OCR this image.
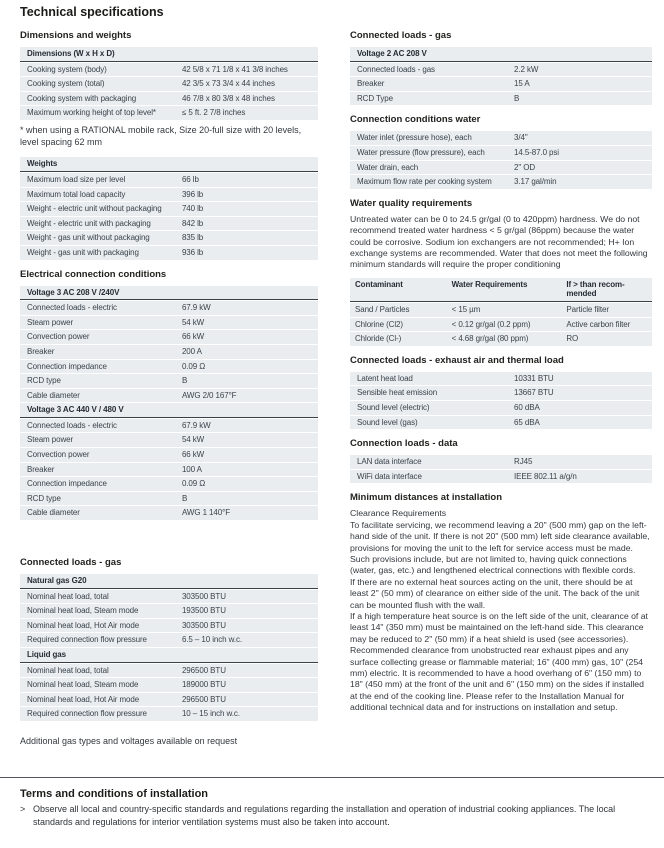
Technical specifications
Dimensions and weights
Dimensions (W x H x D)	
Cooking system (body)	42 5/8 x 71 1/8 x 41 3/8 inches
Cooking system (total)	42 3/5 x 73 3/4 x 44 inches
Cooking system with packaging	46 7/8 x 80 3/8 x 48 inches
Maximum working height of top level*	≤ 5 ft. 2 7/8 inches
* when using a RATIONAL mobile rack, Size 20-full size with 20 levels, level spacing 62 mm
Weights	
Maximum load size per level	66 lb
Maximum total load capacity	396 lb
Weight - electric unit without packaging	740 lb
Weight - electric unit with packaging	842 lb
Weight - gas unit without packaging	835 lb
Weight - gas unit with packaging	936 lb
Electrical connection conditions
Voltage 3 AC 208 V /240V	
Connected loads - electric	67.9 kW
Steam power	54 kW
Convection power	66 kW
Breaker	200 A
Connection impedance	0.09 Ω
RCD type	B
Cable diameter	AWG 2/0 167°F
Voltage 3 AC 440 V / 480 V	
Connected loads - electric	67.9 kW
Steam power	54 kW
Convection power	66 kW
Breaker	100 A
Connection impedance	0.09 Ω
RCD type	B
Cable diameter	AWG 1 140°F
Connected loads - gas
Natural gas G20	
Nominal heat load, total	303500 BTU
Nominal heat load, Steam mode	193500 BTU
Nominal heat load, Hot Air mode	303500 BTU
Required connection flow pressure	6.5 – 10 inch w.c.
Liquid gas	
Nominal heat load, total	296500 BTU
Nominal heat load, Steam mode	189000 BTU
Nominal heat load, Hot Air mode	296500 BTU
Required connection flow pressure	10 – 15 inch w.c.
Additional gas types and voltages available on request
Connected loads - gas
Voltage 2 AC 208 V	
Connected loads - gas	2.2 kW
Breaker	15 A
RCD Type	B
Connection conditions water
Water inlet (pressure hose), each	3/4"
Water pressure (flow pressure), each	14.5-87.0 psi
Water drain, each	2" OD
Maximum flow rate per cooking system	3.17 gal/min
Water quality requirements
Untreated water can be 0 to 24.5 gr/gal (0 to 420ppm) hardness. We do not recommend treated water hardness < 5 gr/gal (86ppm) because the water could be corrosive. Sodium ion exchangers are not recommended; H+ Ion exchange systems are recommended. Water that does not meet the following minimum standards will require the proper conditioning
Contaminant	Water Requirements	If > than recom-mended
Sand / Particles	< 15 µm	Particle filter
Chlorine (Cl2)	< 0.12 gr/gal (0.2 ppm)	Active carbon filter
Chloride (Cl-)	< 4.68 gr/gal (80 ppm)	RO
Connected loads - exhaust air and thermal load
Latent heat load	10331 BTU
Sensible heat emission	13667 BTU
Sound level (electric)	60 dBA
Sound level (gas)	65 dBA
Connection loads - data
LAN data interface	RJ45
WiFi data interface	IEEE 802.11 a/g/n
Minimum distances at installation
Clearance Requirements
To facilitate servicing, we recommend leaving a 20" (500 mm) gap on the left-hand side of the unit. If there is not 20" (500 mm) left side clearance available, provisions for moving the unit to the left for service access must be made. Such provisions include, but are not limited to, having quick connections (water, gas, etc.) and lengthened electrical connections with flexible cords.
If there are no external heat sources acting on the unit, there should be at least 2" (50 mm) of clearance on either side of the unit. The back of the unit can be mounted flush with the wall.
If a high temperature heat source is on the left side of the unit, clearance of at least 14" (350 mm) must be maintained on the left-hand side. This clearance may be reduced to 2" (50 mm) if a heat shield is used (see accessories).
Recommended clearance from unobstructed rear exhaust pipes and any surface collecting grease or flammable material; 16" (400 mm) gas, 10" (254 mm) electric. It is recommended to have a hood overhang of 6" (150 mm) to 18" (450 mm) at the front of the unit and 6" (150 mm) on the sides if installed at the end of the cooking line. Please refer to the Installation Manual for additional technical data and for instructions on installation and setup.
Terms and conditions of installation
> Observe all local and country-specific standards and regulations regarding the installation and operation of industrial cooking appliances. The local standards and regulations for interior ventilation systems must also be taken into account.
